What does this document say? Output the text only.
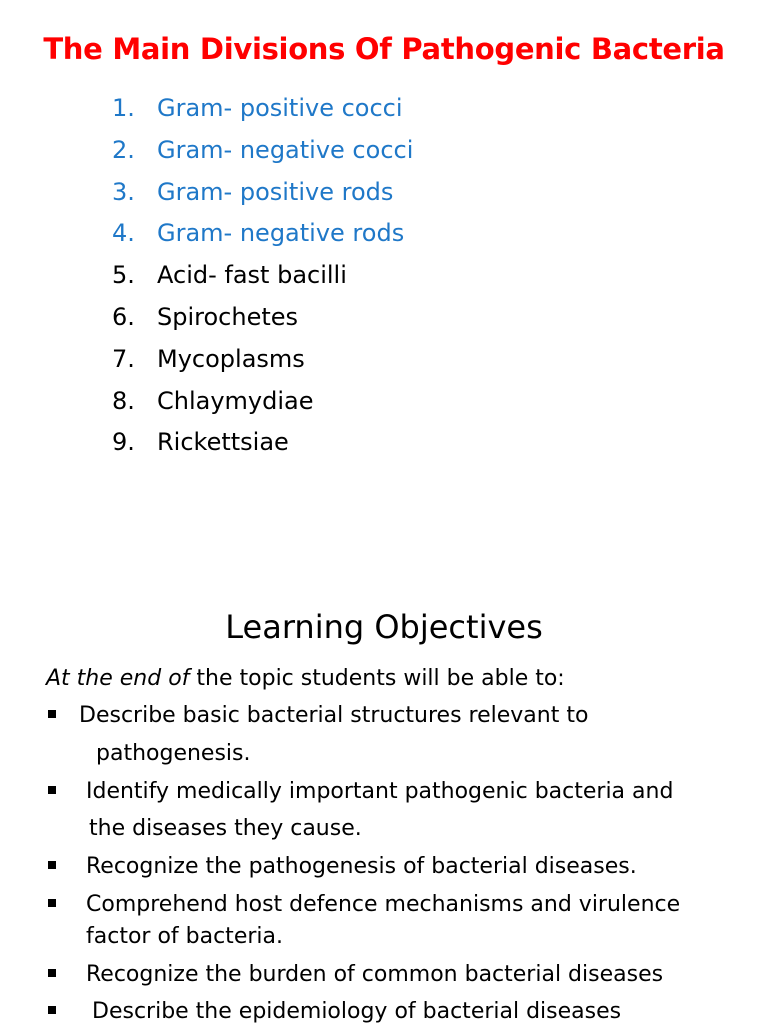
The Main Divisions Of Pathogenic Bacteria
1. Gram- positive cocci
2. Gram- negative cocci
3. Gram- positive rods
4. Gram- negative rods
5. Acid- fast bacilli
6. Spirochetes
7. Mycoplasms
8. Chlaymydiae
9. Rickettsiae
Learning Objectives
At the end of the topic students will be able to:
Describe basic bacterial structures relevant to
pathogenesis.
Identify medically important pathogenic bacteria and
the diseases they cause.
Recognize the pathogenesis of bacterial diseases.
Comprehend host defence mechanisms and virulence
factor of bacteria.
Recognize the burden of common bacterial diseases
Describe the epidemiology of bacterial diseases
